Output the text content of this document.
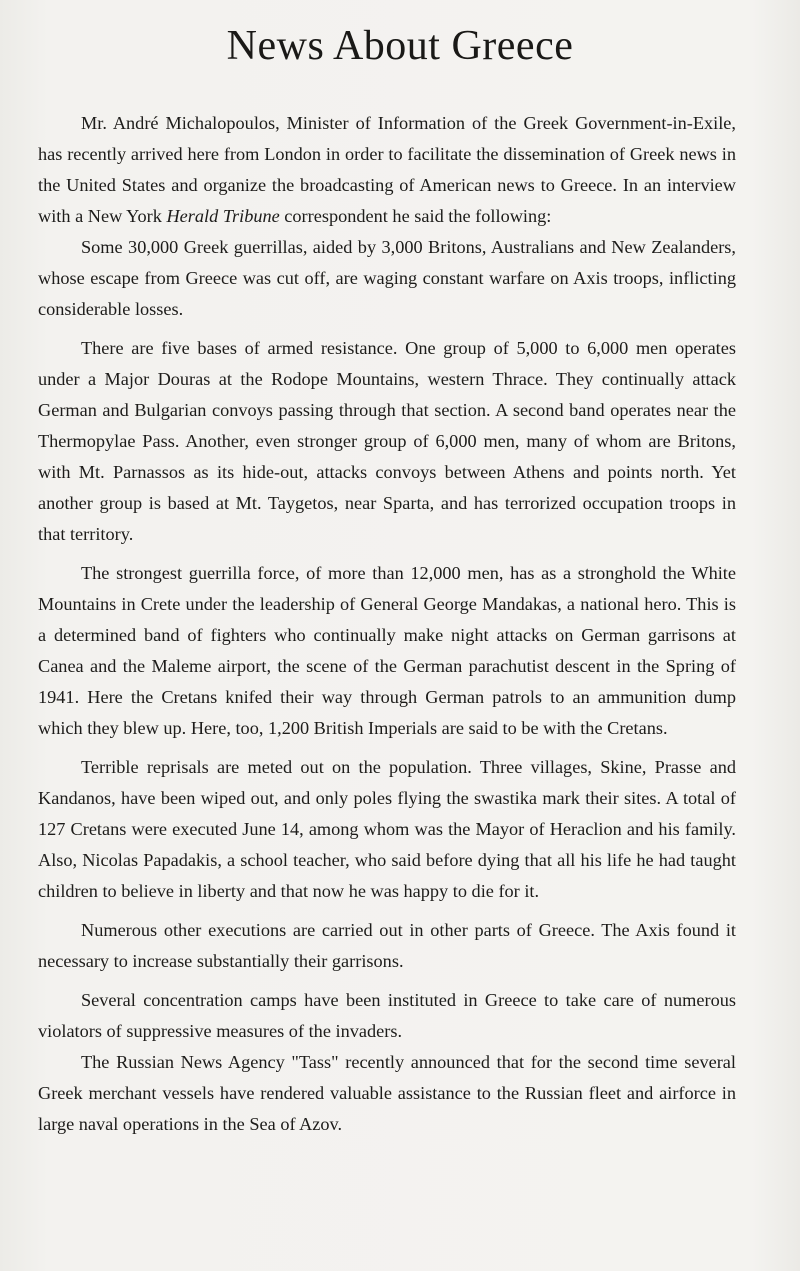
News About Greece

Mr. André Michalopoulos, Minister of Information of the Greek Government-in-Exile, has recently arrived here from London in order to facilitate the dissemination of Greek news in the United States and organize the broadcasting of American news to Greece. In an interview with a New York Herald Tribune correspondent he said the following:

Some 30,000 Greek guerrillas, aided by 3,000 Britons, Australians and New Zealanders, whose escape from Greece was cut off, are waging constant warfare on Axis troops, inflicting considerable losses.

There are five bases of armed resistance. One group of 5,000 to 6,000 men operates under a Major Douras at the Rodope Mountains, western Thrace. They continually attack German and Bulgarian convoys passing through that section. A second band operates near the Thermopylae Pass. Another, even stronger group of 6,000 men, many of whom are Britons, with Mt. Parnassos as its hide-out, attacks convoys between Athens and points north. Yet another group is based at Mt. Taygetos, near Sparta, and has terrorized occupation troops in that territory.

The strongest guerrilla force, of more than 12,000 men, has as a stronghold the White Mountains in Crete under the leadership of General George Mandakas, a national hero. This is a determined band of fighters who continually make night attacks on German garrisons at Canea and the Maleme airport, the scene of the German parachutist descent in the Spring of 1941. Here the Cretans knifed their way through German patrols to an ammunition dump which they blew up. Here, too, 1,200 British Imperials are said to be with the Cretans.

Terrible reprisals are meted out on the population. Three villages, Skine, Prasse and Kandanos, have been wiped out, and only poles flying the swastika mark their sites. A total of 127 Cretans were executed June 14, among whom was the Mayor of Heraclion and his family. Also, Nicolas Papadakis, a school teacher, who said before dying that all his life he had taught children to believe in liberty and that now he was happy to die for it.

Numerous other executions are carried out in other parts of Greece. The Axis found it necessary to increase substantially their garrisons.

Several concentration camps have been instituted in Greece to take care of numerous violators of suppressive measures of the invaders.

The Russian News Agency "Tass" recently announced that for the second time several Greek merchant vessels have rendered valuable assistance to the Russian fleet and airforce in large naval operations in the Sea of Azov.
